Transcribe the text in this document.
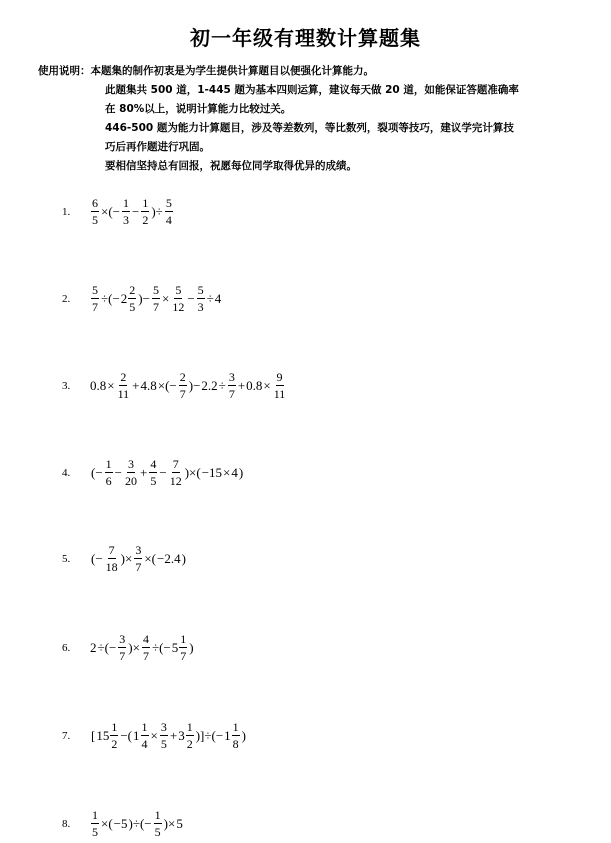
初一年级有理数计算题集
使用说明：本题集的制作初衷是为学生提供计算题目以便强化计算能力。
此题集共 500 道，1-445 题为基本四则运算，建议每天做 20 道，如能保证答题准确率
在 80%以上，说明计算能力比较过关。
446-500 题为能力计算题目，涉及等差数列，等比数列，裂项等技巧，建议学完计算技
巧后再作题进行巩固。
要相信坚持总有回报，祝愿每位同学取得优异的成绩。
1.	$\frac{6}{5}$ ×(− $\frac{1}{3} - \frac{1}{2}$ )÷ $\frac{5}{4}$
2.	$\frac{5}{7}$ ÷(− $2 \frac{2}{5}$ )− $\frac{5}{7} \times \frac{5}{12} - \frac{5}{3} \div 4$
3.	$0.8 \times \frac{2}{11} + 4.8$ ×(− $\frac{2}{7}$ )− $2.2 \div \frac{3}{7} + 0.8 \times \frac{9}{11}$
4.	(− $\frac{1}{6} - \frac{3}{20} + \frac{4}{5} - \frac{7}{12}$ )×( −15 × 4 )
5.	(− $\frac{7}{18}$ )× $\frac{3}{7}$ ×( −2.4 )
6.	2 ÷(− $\frac{3}{7}$ )× $\frac{4}{7}$ ÷(− $5 \frac{1}{7}$ )
7.	[ $15 \frac{1}{2}$ −( $1 \frac{1}{4} \times \frac{3}{5} + 3 \frac{1}{2}$ )]÷(− $1 \frac{1}{8}$ )
8.	$\frac{1}{5}$ ×( −5 )÷(− $\frac{1}{5}$ )× 5
